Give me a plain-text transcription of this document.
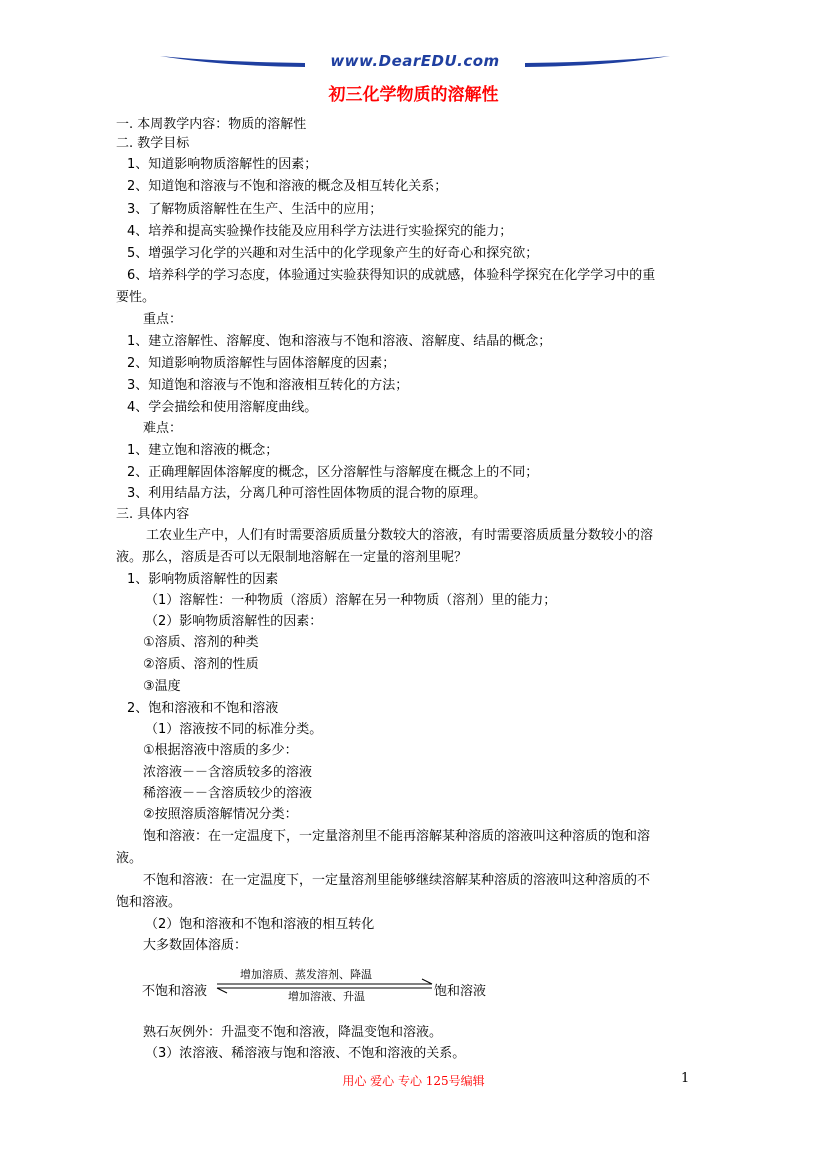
www.DearEDU.com
初三化学物质的溶解性
一. 本周教学内容：物质的溶解性
二. 教学目标
1、知道影响物质溶解性的因素；
2、知道饱和溶液与不饱和溶液的概念及相互转化关系；
3、了解物质溶解性在生产、生活中的应用；
4、培养和提高实验操作技能及应用科学方法进行实验探究的能力；
5、增强学习化学的兴趣和对生活中的化学现象产生的好奇心和探究欲；
6、培养科学的学习态度，体验通过实验获得知识的成就感，体验科学探究在化学学习中的重
要性。
重点：
1、建立溶解性、溶解度、饱和溶液与不饱和溶液、溶解度、结晶的概念；
2、知道影响物质溶解性与固体溶解度的因素；
3、知道饱和溶液与不饱和溶液相互转化的方法；
4、学会描绘和使用溶解度曲线。
难点：
1、建立饱和溶液的概念；
2、正确理解固体溶解度的概念，区分溶解性与溶解度在概念上的不同；
3、利用结晶方法，分离几种可溶性固体物质的混合物的原理。
三. 具体内容
工农业生产中，人们有时需要溶质质量分数较大的溶液，有时需要溶质质量分数较小的溶
液。那么，溶质是否可以无限制地溶解在一定量的溶剂里呢？
1、影响物质溶解性的因素
（1）溶解性：一种物质（溶质）溶解在另一种物质（溶剂）里的能力；
（2）影响物质溶解性的因素：
①溶质、溶剂的种类
②溶质、溶剂的性质
③温度
2、饱和溶液和不饱和溶液
（1）溶液按不同的标准分类。
①根据溶液中溶质的多少：
浓溶液－－含溶质较多的溶液
稀溶液－－含溶质较少的溶液
②按照溶质溶解情况分类：
饱和溶液：在一定温度下，一定量溶剂里不能再溶解某种溶质的溶液叫这种溶质的饱和溶
液。
不饱和溶液：在一定温度下，一定量溶剂里能够继续溶解某种溶质的溶液叫这种溶质的不
饱和溶液。
（2）饱和溶液和不饱和溶液的相互转化
大多数固体溶质：
不饱和溶液
增加溶质、蒸发溶剂、降温
增加溶液、升温	饱和溶液
熟石灰例外：升温变不饱和溶液，降温变饱和溶液。
（3）浓溶液、稀溶液与饱和溶液、不饱和溶液的关系。
用心 爱心 专心 125号编辑	1
